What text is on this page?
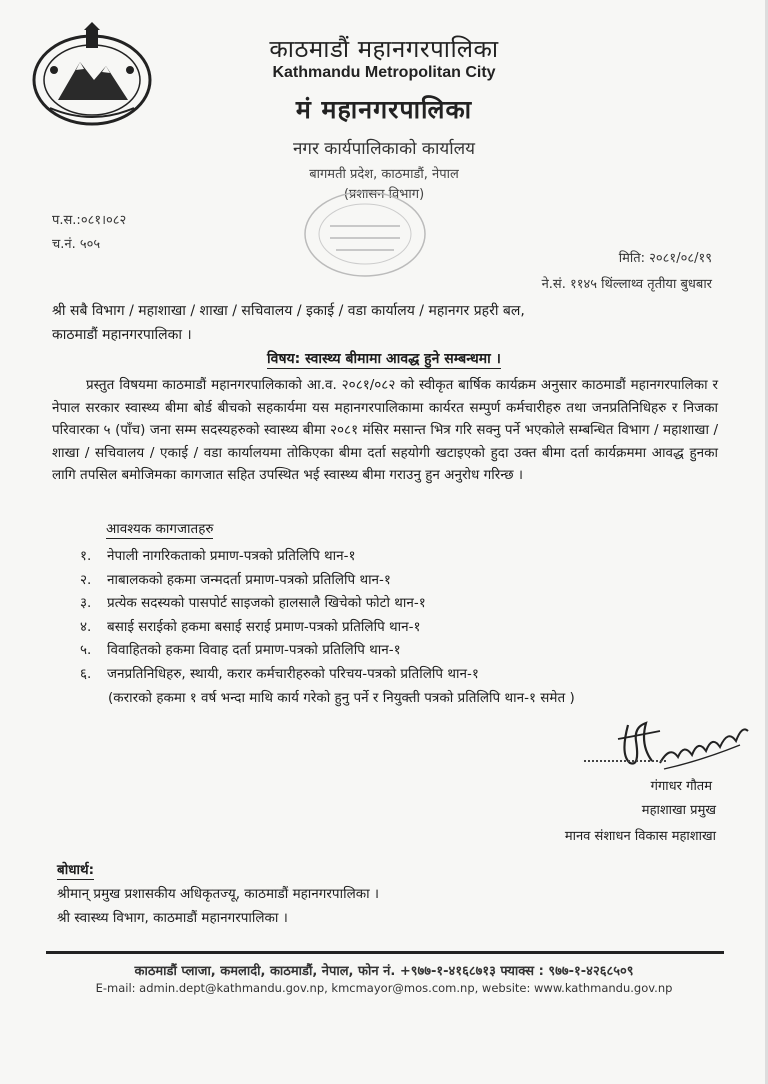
काठमाडौं महानगरपालिका
Kathmandu Metropolitan City
मं महानगरपालिका
नगर कार्यपालिकाको कार्यालय
बागमती प्रदेश, काठमाडौं, नेपाल
(प्रशासन विभाग)
प.स.:०८१।०८२
च.नं. ५०५
मिति: २०८१/०८/१९
ने.सं. ११४५ थिंल्लाथ्व तृतीया बुधबार
श्री सबै विभाग / महाशाखा / शाखा / सचिवालय / इकाई / वडा कार्यालय / महानगर प्रहरी बल,
काठमाडौं महानगरपालिका ।
विषय: स्वास्थ्य बीमामा आवद्ध हुने सम्बन्धमा ।

प्रस्तुत विषयमा काठमाडौं महानगरपालिकाको आ.व. २०८१/०८२ को स्वीकृत बार्षिक कार्यक्रम अनुसार काठमाडौं महानगरपालिका र नेपाल सरकार स्वास्थ्य बीमा बोर्ड बीचको सहकार्यमा यस महानगरपालिकामा कार्यरत सम्पुर्ण कर्मचारीहरु तथा जनप्रतिनिधिहरु र निजका परिवारका ५ (पाँच) जना सम्म सदस्यहरुको स्वास्थ्य बीमा २०८१ मंसिर मसान्त भित्र गरि सक्नु पर्ने भएकोले सम्बन्धित विभाग / महाशाखा / शाखा / सचिवालय / एकाई / वडा कार्यालयमा तोकिएका बीमा दर्ता सहयोगी खटाइएको हुदा उक्त बीमा दर्ता कार्यक्रममा आवद्ध हुनका लागि तपसिल बमोजिमका कागजात सहित उपस्थित भई स्वास्थ्य बीमा गराउनु हुन अनुरोध गरिन्छ ।

आवश्यक कागजातहरु
१.	नेपाली नागरिकताको प्रमाण-पत्रको प्रतिलिपि थान-१
२.	नाबालकको हकमा जन्मदर्ता प्रमाण-पत्रको प्रतिलिपि थान-१
३.	प्रत्येक सदस्यको पासपोर्ट साइजको हालसालै खिचेको फोटो थान-१
४.	बसाई सराईको हकमा बसाई सराई प्रमाण-पत्रको प्रतिलिपि थान-१
५.	विवाहितको हकमा विवाह दर्ता प्रमाण-पत्रको प्रतिलिपि थान-१
६.	जनप्रतिनिधिहरु, स्थायी, करार कर्मचारीहरुको परिचय-पत्रको प्रतिलिपि थान-१
(करारको हकमा १ वर्ष भन्दा माथि कार्य गरेको हुनु पर्ने र नियुक्ती पत्रको प्रतिलिपि थान-१ समेत )
गंगाधर गौतम
महाशाखा प्रमुख
मानव संशाधन विकास महाशाखा
बोधार्थ:
श्रीमान् प्रमुख प्रशासकीय अधिकृतज्यू, काठमाडौं महानगरपालिका ।
श्री स्वास्थ्य विभाग, काठमाडौं महानगरपालिका ।
काठमाडौं प्लाजा, कमलादी, काठमाडौं, नेपाल, फोन नं. +९७७-१-४१६८७१३ फ्याक्स : ९७७-१-४२६८५०९
E-mail: admin.dept@kathmandu.gov.np, kmcmayor@mos.com.np, website: www.kathmandu.gov.np
